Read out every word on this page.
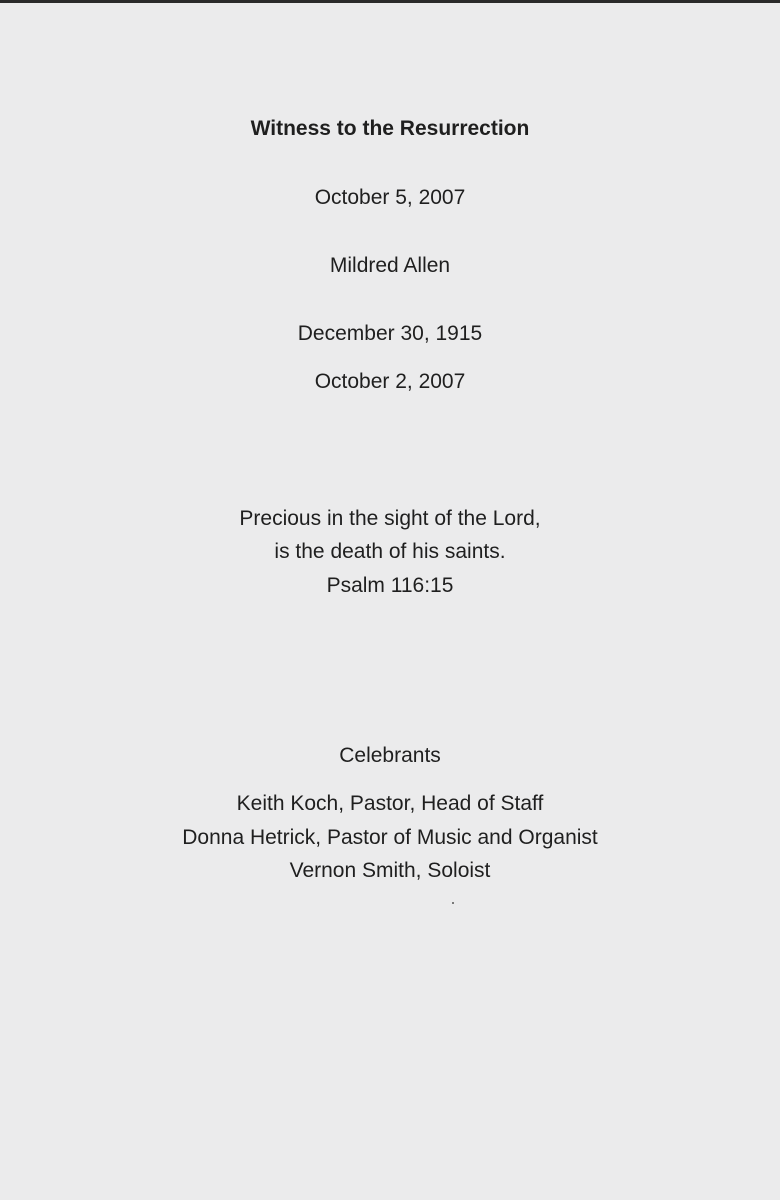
Witness to the Resurrection
October 5, 2007
Mildred Allen
December 30, 1915
October 2, 2007
Precious in the sight of the Lord,
is the death of his saints.
Psalm 116:15
Celebrants
Keith Koch, Pastor, Head of Staff
Donna Hetrick, Pastor of Music and Organist
Vernon Smith, Soloist
